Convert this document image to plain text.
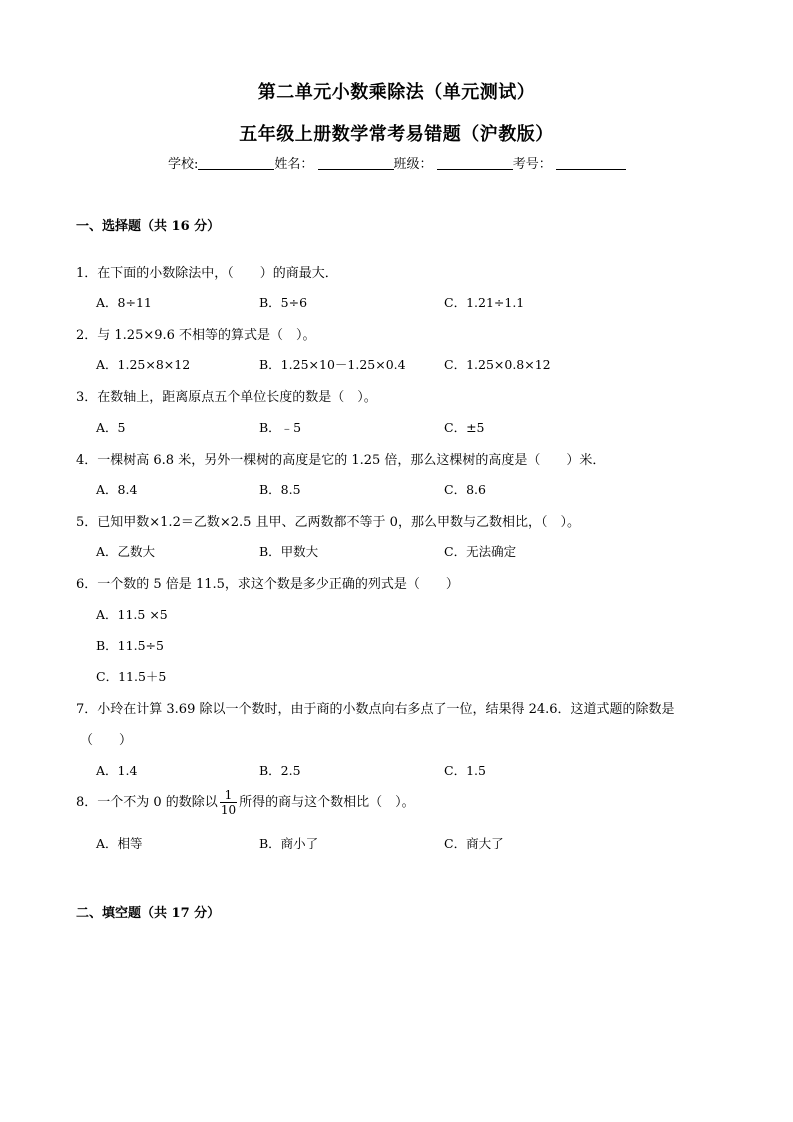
第二单元小数乘除法（单元测试）
五年级上册数学常考易错题（沪教版）
学校:	姓名：	班级：	考号：
一、选择题（共 16 分）
1．在下面的小数除法中，（　　）的商最大．
A．8÷11	B．5÷6	C．1.21÷1.1
2．与 1.25×9.6 不相等的算式是（　）。
A．1.25×8×12	B．1.25×10－1.25×0.4	C．1.25×0.8×12
3．在数轴上，距离原点五个单位长度的数是（　）。
A．5	B．﹣5	C．±5
4．一棵树高 6.8 米，另外一棵树的高度是它的 1.25 倍，那么这棵树的高度是（　　）米．
A．8.4	B．8.5	C．8.6
5．已知甲数×1.2＝乙数×2.5 且甲、乙两数都不等于 0，那么甲数与乙数相比，（　）。
A．乙数大	B．甲数大	C．无法确定
6．一个数的 5 倍是 11.5，求这个数是多少正确的列式是（　　）
A．11.5 ×5
B．11.5÷5
C．11.5＋5
7．小玲在计算 3.69 除以一个数时，由于商的小数点向右多点了一位，结果得 24.6．这道式题的除数是
（　　）
A．1.4	B．2.5	C．1.5
8．一个不为 0 的数除以 $\frac{1}{10}$ 所得的商与这个数相比（　）。
A．相等	B．商小了	C．商大了
二、填空题（共 17 分）
